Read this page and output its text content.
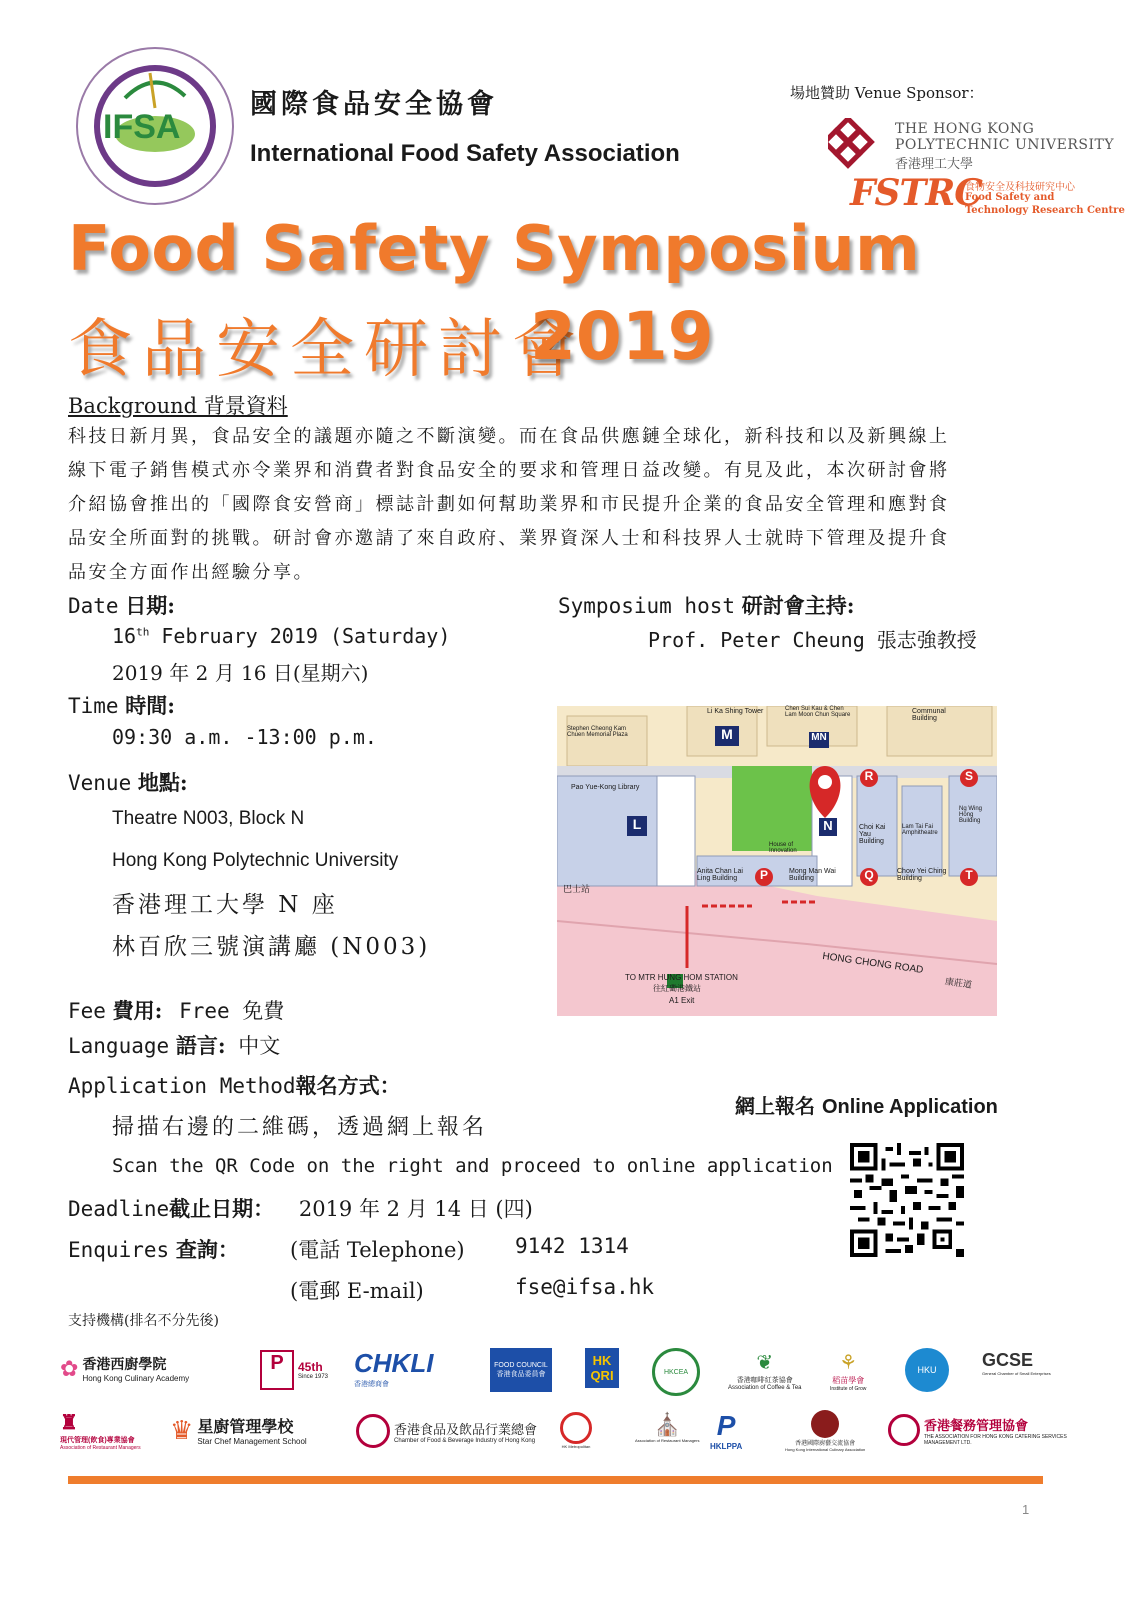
IFSA
國際食品安全協會
International Food Safety Association
場地贊助 Venue Sponsor：
THE HONG KONG
POLYTECHNIC UNIVERSITY
香港理工大學
FSTRC
食物安全及科技研究中心
Food Safety and
Technology Research Centre
Food Safety Symposium
食品安全研討會
2019
Background 背景資料
科技日新月異，食品安全的議題亦隨之不斷演變。而在食品供應鏈全球化，新科技和以及新興線上
線下電子銷售模式亦令業界和消費者對食品安全的要求和管理日益改變。有見及此，本次研討會將
介紹協會推出的「國際食安營商」標誌計劃如何幫助業界和市民提升企業的食品安全管理和應對食
品安全所面對的挑戰。研討會亦邀請了來自政府、業界資深人士和科技界人士就時下管理及提升食
品安全方面作出經驗分享。
Date 日期:
16th February 2019 (Saturday)
2019 年 2 月 16 日(星期六)
Time 時間:
09:30 a.m. -13:00 p.m.
Venue 地點:
Theatre N003, Block N
Hong Kong Polytechnic University
香港理工大學 N 座
林百欣三號演講廳 (N003)
Fee 費用: Free 免費
Language 語言: 中文
Application Method報名方式：
掃描右邊的二維碼，透過網上報名
Scan the QR Code on the right and proceed to online application
Deadline截止日期： 2019 年 2 月 14 日 (四)
Enquires 查詢： (電話 Telephone) 9142 1314
(電郵 E-mail)	fse@ifsa.hk
Symposium host 研討會主持:
Prof. Peter Cheung 張志強教授
Stephen Cheong Kam Chuen Memorial Plaza
Li Ka Shing Tower	Chen Sui Kau & Chen Lam Moon Chun Square	Communal Building
Pao Yue-Kong Library
Choi Kai Yau Building
Lam Tai Fai Amphitheatre
Ng Wing Hong Building
Anita Chan Lai Ling Building
Mong Man Wai Building
Chow Yei Ching Building
House of Innovation
巴士站
HONG CHONG ROAD
康莊道
TO MTR HUNG HOM STATION
往紅磡港鐵站
A1 Exit
M	MN
R	S
L	N
P	Q	T
網上報名 Online Application
支持機構(排名不分先後)
✿ 香港西廚學院
Hong Kong Culinary Academy
P	45th
Since 1973 CHKLI
香港總商會
FOOD COUNCIL
香港食品委員會
HK
QRI	HKCEA	❦
香港咖啡紅茶協會
Association of Coffee & Tea
⚘
稻苗學會
Institute of Grow
HKU	GCSE
General Chamber of Small Enterprises
♜
現代管理(飲食)專業協會
Association of Restaurant Managers
♛ 星廚管理學校
Star Chef Management School
香港食品及飲品行業總會
Chamber of Food & Beverage Industry of Hong Kong
HK Metropolitan
⛪
Association of Restaurant Managers P
HKLPPA	香港國際廚藝交流協會
Hong Kong International Culinary Association
香港餐務管理協會
THE ASSOCIATION FOR HONG KONG CATERING SERVICES MANAGEMENT LTD.
1
